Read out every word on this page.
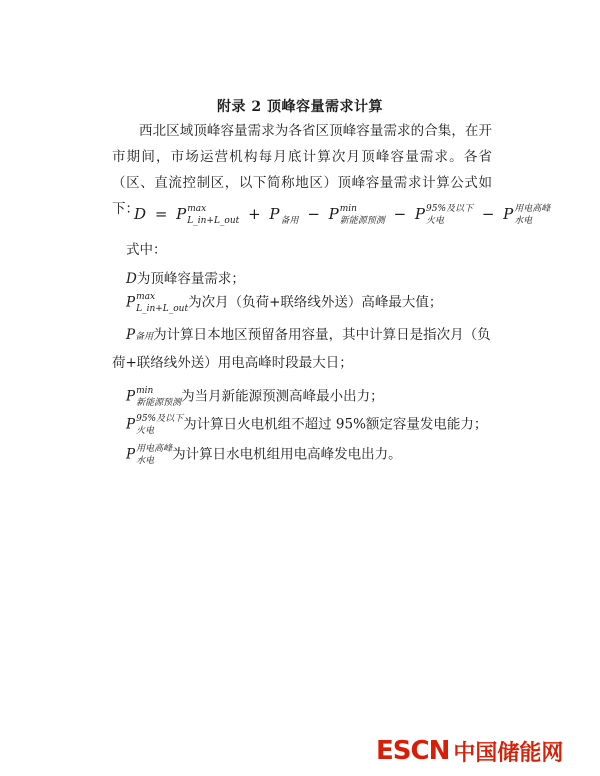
附录 2 顶峰容量需求计算
西北区域顶峰容量需求为各省区顶峰容量需求的合集，在开市期间，市场运营机构每月底计算次月顶峰容量需求。各省（区、直流控制区，以下简称地区）顶峰容量需求计算公式如下：
D = P max
L_in+L_out + P
备用 − P min
新能源预测 − P 95%及以下
火电	− P 用电高峰
水电
式中：
D为顶峰容量需求；
P max
L_in+L_out 为次月（负荷+联络线外送）高峰最大值；
P备用为计算日本地区预留备用容量，其中计算日是指次月（负荷+联络线外送）用电高峰时段最大日；
P min
新能源预测 为当月新能源预测高峰最小出力；
P 95%及以下
火电	为计算日火电机组不超过 95%额定容量发电能力；
P 用电高峰
水电	为计算日水电机组用电高峰发电出力。
ESCN 中国储能网
